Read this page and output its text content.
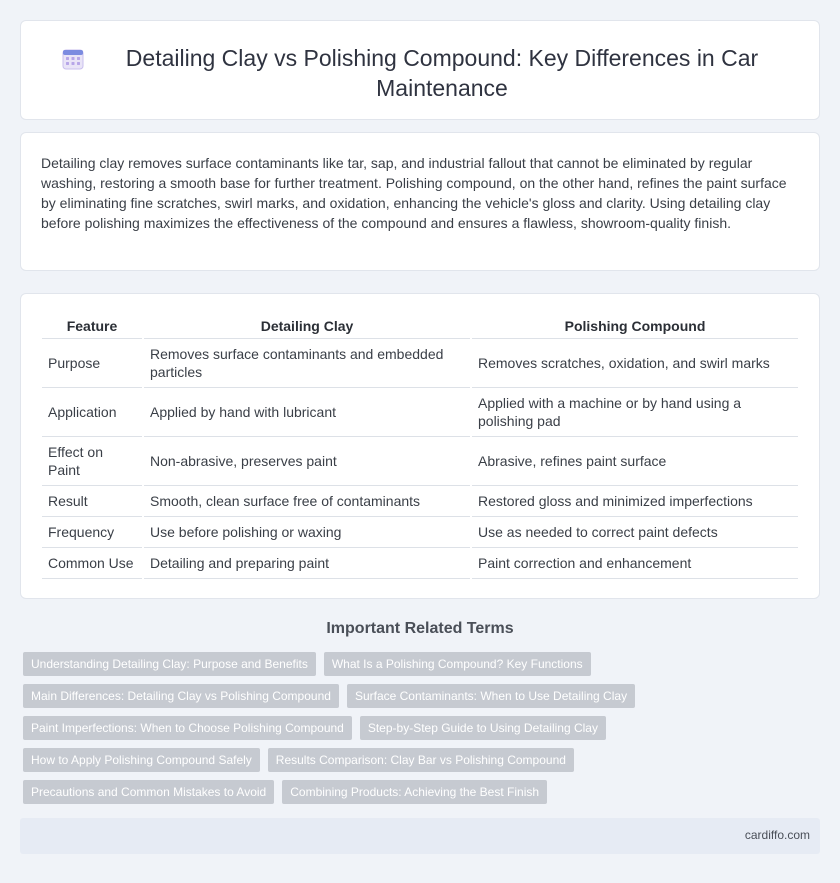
Detailing Clay vs Polishing Compound: Key Differences in Car Maintenance

Detailing clay removes surface contaminants like tar, sap, and industrial fallout that cannot be eliminated by regular washing, restoring a smooth base for further treatment. Polishing compound, on the other hand, refines the paint surface by eliminating fine scratches, swirl marks, and oxidation, enhancing the vehicle's gloss and clarity. Using detailing clay before polishing maximizes the effectiveness of the compound and ensures a flawless, showroom-quality finish.

Feature	Detailing Clay	Polishing Compound
Purpose	Removes surface contaminants and embedded particles	Removes scratches, oxidation, and swirl marks
Application	Applied by hand with lubricant	Applied with a machine or by hand using a polishing pad
Effect on Paint	Non-abrasive, preserves paint	Abrasive, refines paint surface
Result	Smooth, clean surface free of contaminants	Restored gloss and minimized imperfections
Frequency	Use before polishing or waxing	Use as needed to correct paint defects
Common Use	Detailing and preparing paint	Paint correction and enhancement
Important Related Terms
Understanding Detailing Clay: Purpose and Benefits	What Is a Polishing Compound? Key Functions
Main Differences: Detailing Clay vs Polishing Compound	Surface Contaminants: When to Use Detailing Clay
Paint Imperfections: When to Choose Polishing Compound	Step-by-Step Guide to Using Detailing Clay
How to Apply Polishing Compound Safely	Results Comparison: Clay Bar vs Polishing Compound
Precautions and Common Mistakes to Avoid	Combining Products: Achieving the Best Finish
cardiffo.com
